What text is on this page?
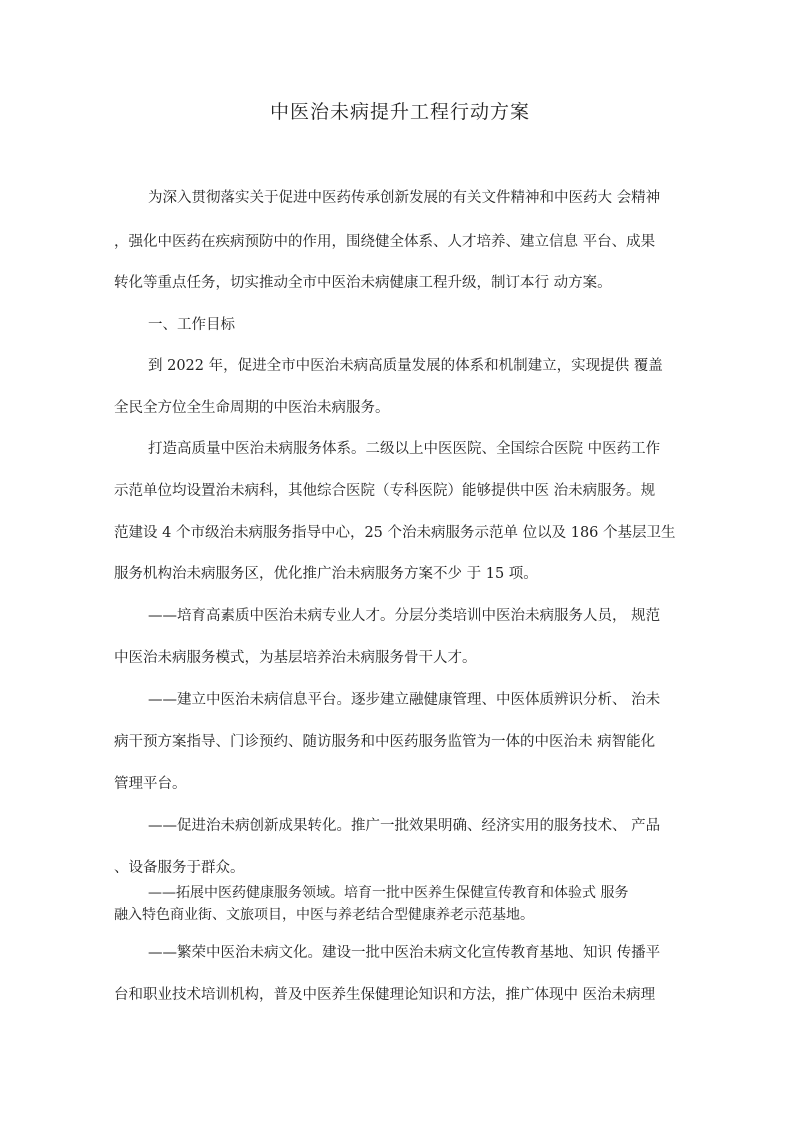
中医治未病提升工程行动方案
为深入贯彻落实关于促进中医药传承创新发展的有关文件精神和中医药大 会精神
，强化中医药在疾病预防中的作用，围绕健全体系、人才培养、建立信息 平台、成果
转化等重点任务，切实推动全市中医治未病健康工程升级，制订本行 动方案。
一、工作目标
到 2022 年，促进全市中医治未病高质量发展的体系和机制建立，实现提供 覆盖
全民全方位全生命周期的中医治未病服务。
打造高质量中医治未病服务体系。二级以上中医医院、全国综合医院 中医药工作
示范单位均设置治未病科，其他综合医院（专科医院）能够提供中医 治未病服务。规
范建设 4 个市级治未病服务指导中心，25 个治未病服务示范单 位以及 186 个基层卫生
服务机构治未病服务区，优化推广治未病服务方案不少 于 15 项。
——培育高素质中医治未病专业人才。分层分类培训中医治未病服务人员， 规范
中医治未病服务模式，为基层培养治未病服务骨干人才。
——建立中医治未病信息平台。逐步建立融健康管理、中医体质辨识分析、 治未
病干预方案指导、门诊预约、随访服务和中医药服务监管为一体的中医治未 病智能化
管理平台。
——促进治未病创新成果转化。推广一批效果明确、经济实用的服务技术、 产品
、设备服务于群众。
——拓展中医药健康服务领域。培育一批中医养生保健宣传教育和体验式 服务
融入特色商业街、文旅项目，中医与养老结合型健康养老示范基地。
——繁荣中医治未病文化。建设一批中医治未病文化宣传教育基地、知识 传播平
台和职业技术培训机构，普及中医养生保健理论知识和方法，推广体现中 医治未病理
